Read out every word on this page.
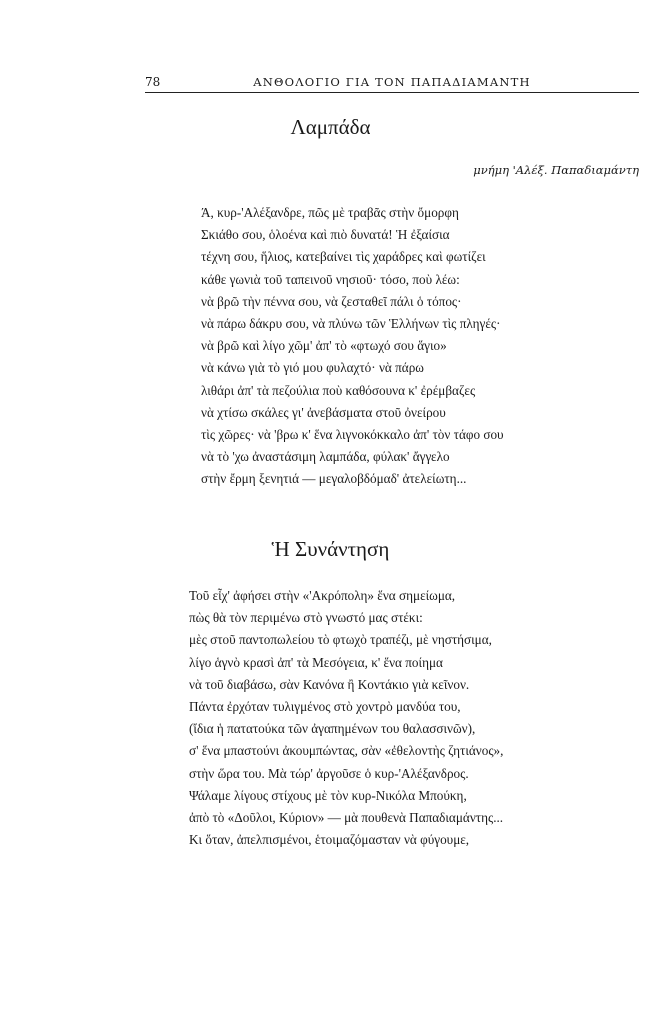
78	ΑΝΘΟΛΟΓΙΟ ΓΙΑ ΤΟΝ ΠΑΠΑΔΙΑΜΑΝΤΗ
Λαμπάδα
μνήμη 'Αλέξ. Παπαδιαμάντη
Ά, κυρ-'Αλέξανδρε, πῶς μὲ τραβᾶς στὴν ὄμορφη
Σκιάθο σου, ὁλοένα καὶ πιὸ δυνατά! Ἡ ἐξαίσια
τέχνη σου, ἥλιος, κατεβαίνει τὶς χαράδρες καὶ φωτίζει
κάθε γωνιὰ τοῦ ταπεινοῦ νησιοῦ· τόσο, ποὺ λέω:
νὰ βρῶ τὴν πέννα σου, νὰ ζεσταθεῖ πάλι ὁ τόπος·
νὰ πάρω δάκρυ σου, νὰ πλύνω τῶν Ἑλλήνων τὶς πληγές·
νὰ βρῶ καὶ λίγο χῶμ' ἀπ' τὸ «φτωχό σου ἅγιο»
νὰ κάνω γιὰ τὸ γιό μου φυλαχτό· νὰ πάρω
λιθάρι ἀπ' τὰ πεζούλια ποὺ καθόσουνα κ' ἐρέμβαζες
νὰ χτίσω σκάλες γι' ἀνεβάσματα στοῦ ὀνείρου
τὶς χῶρες· νὰ 'βρω κ' ἕνα λιγνοκόκκαλο ἀπ' τὸν τάφο σου
νὰ τὸ 'χω ἀναστάσιμη λαμπάδα, φύλακ' ἄγγελο
στὴν ἔρμη ξενητιά — μεγαλοβδόμαδ' ἀτελείωτη...
Ἡ Συνάντηση
Τοῦ εἶχ' ἀφήσει στὴν «'Ακρόπολη» ἕνα σημείωμα,
πὼς θὰ τὸν περιμένω στὸ γνωστό μας στέκι:
μὲς στοῦ παντοπωλείου τὸ φτωχὸ τραπέζι, μὲ νηστήσιμα,
λίγο ἁγνὸ κρασὶ ἀπ' τὰ Μεσόγεια, κ' ἕνα ποίημα
νὰ τοῦ διαβάσω, σὰν Κανόνα ἢ Κοντάκιο γιὰ κεῖνον.
Πάντα ἐρχόταν τυλιγμένος στὸ χοντρὸ μανδύα του,
(ἴδια ἡ πατατούκα τῶν ἀγαπημένων του θαλασσινῶν),
σ' ἕνα μπαστούνι ἀκουμπώντας, σὰν «ἐθελοντὴς ζητιάνος»,
στὴν ὥρα του. Μὰ τώρ' ἀργοῦσε ὁ κυρ-'Αλέξανδρος.
Ψάλαμε λίγους στίχους μὲ τὸν κυρ-Νικόλα Μπούκη,
ἀπὸ τὸ «Δοῦλοι, Κύριον» — μὰ πουθενὰ Παπαδιαμάντης...
Κι ὅταν, ἀπελπισμένοι, ἑτοιμαζόμασταν νὰ φύγουμε,
